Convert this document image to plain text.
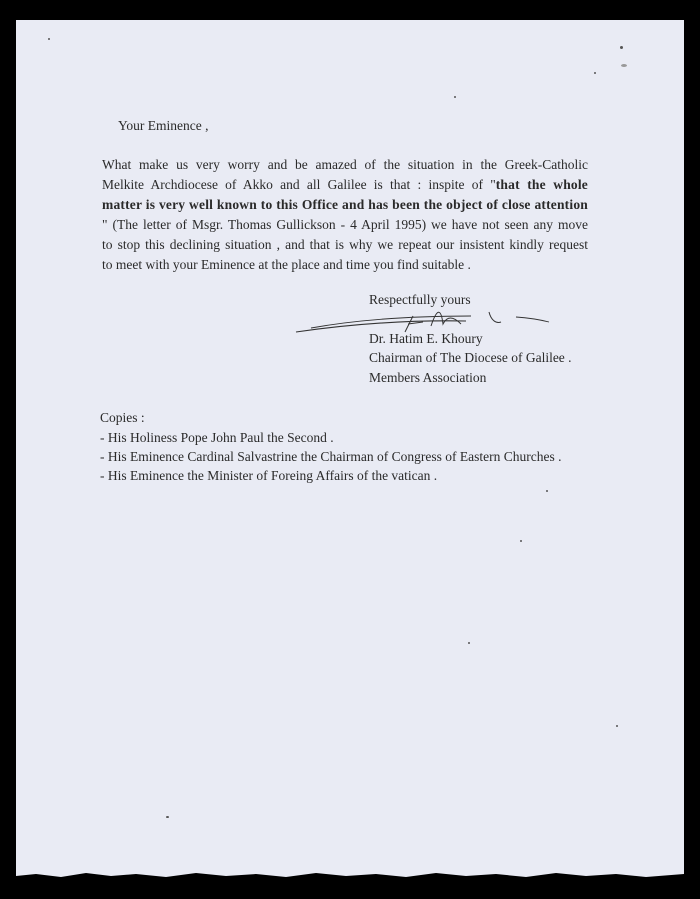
Your Eminence ,
What make us very worry and be amazed of the situation in the Greek-Catholic
Melkite Archdiocese of Akko and all Galilee is that : inspite of "that the whole
matter is very well known to this Office and has been the object of close attention
" (The letter of Msgr. Thomas Gullickson - 4 April 1995) we have not seen any move
to stop this declining situation , and that is why we repeat our insistent kindly request
to meet with your Eminence at the place and time you find suitable .
Respectfully yours
Dr. Hatim E. Khoury
Chairman of The Diocese of Galilee .
Members Association
Copies :
- His Holiness Pope John Paul the Second .
- His Eminence Cardinal Salvastrine the Chairman of Congress of Eastern Churches .
- His Eminence the Minister of Foreing Affairs of the vatican .
